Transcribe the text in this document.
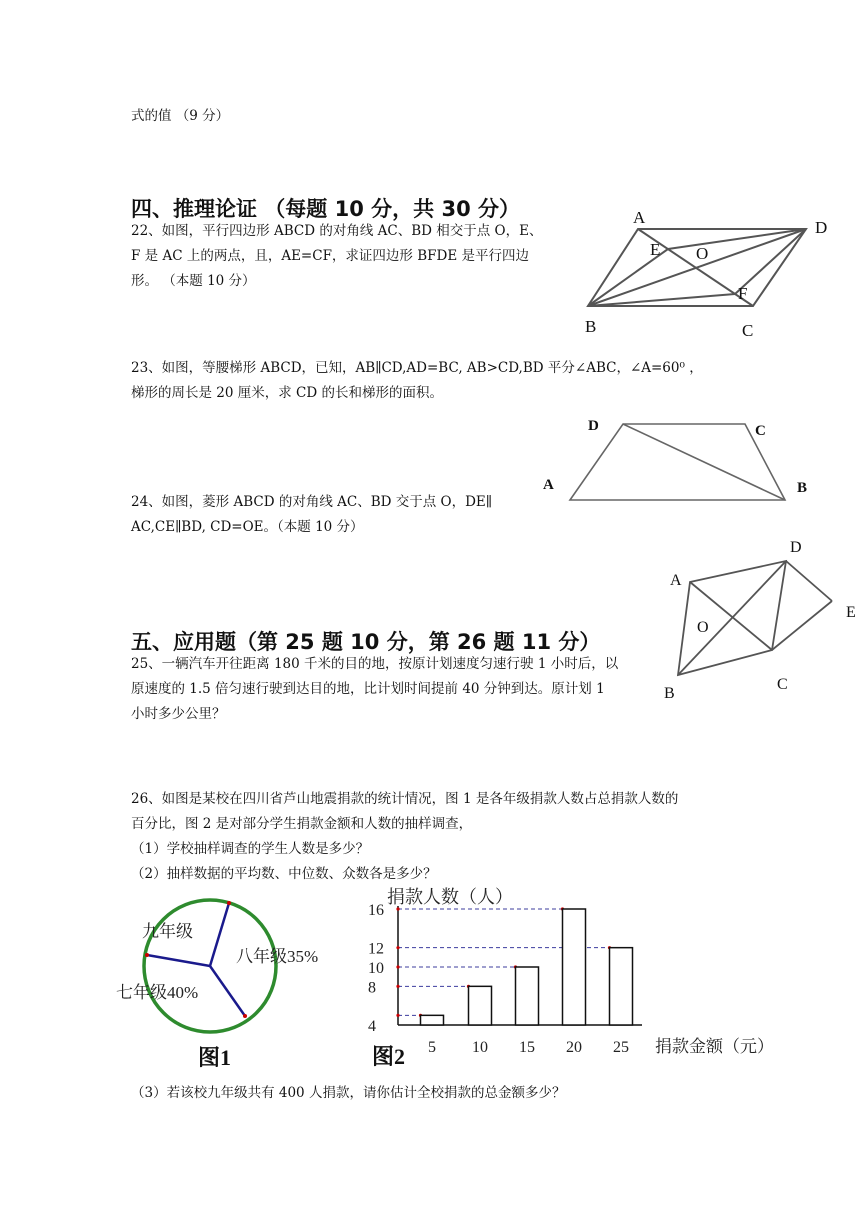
式的值 （9 分）
四、推理论证 （每题 10 分，共 30 分）
22、如图，平行四边形 ABCD 的对角线 AC、BD 相交于点 O，E、
F 是 AC 上的两点，且，AE=CF，求证四边形 BFDE 是平行四边
形。 （本题 10 分）
A
D
E O
F
B	C
23、如图，等腰梯形 ABCD，已知，AB∥CD,AD=BC, AB>CD,BD 平分∠ABC，∠A=60⁰ ，
梯形的周长是 20 厘米，求 CD 的长和梯形的面积。
D	C
A	B
24、如图，菱形 ABCD 的对角线 AC、BD 交于点 O，DE∥
AC,CE∥BD, CD=OE。（本题 10 分）
D
A
E
O
C
B
五、应用题（第 25 题 10 分，第 26 题 11 分）
25、一辆汽车开往距离 180 千米的目的地，按原计划速度匀速行驶 1 小时后，以
原速度的 1.5 倍匀速行驶到达目的地，比计划时间提前 40 分钟到达。原计划 1
小时多少公里？
26、如图是某校在四川省芦山地震捐款的统计情况，图 1 是各年级捐款人数占总捐款人数的
百分比，图 2 是对部分学生捐款金额和人数的抽样调查，
（1）学校抽样调查的学生人数是多少？
（2）抽样数据的平均数、中位数、众数各是多少？
九年级
八年级35%
七年级40%
图1
捐款人数（人）
4
8
10
12
16
5 10 15 20 25 捐款金额（元）
图2
（3）若该校九年级共有 400 人捐款，请你估计全校捐款的总金额多少？
